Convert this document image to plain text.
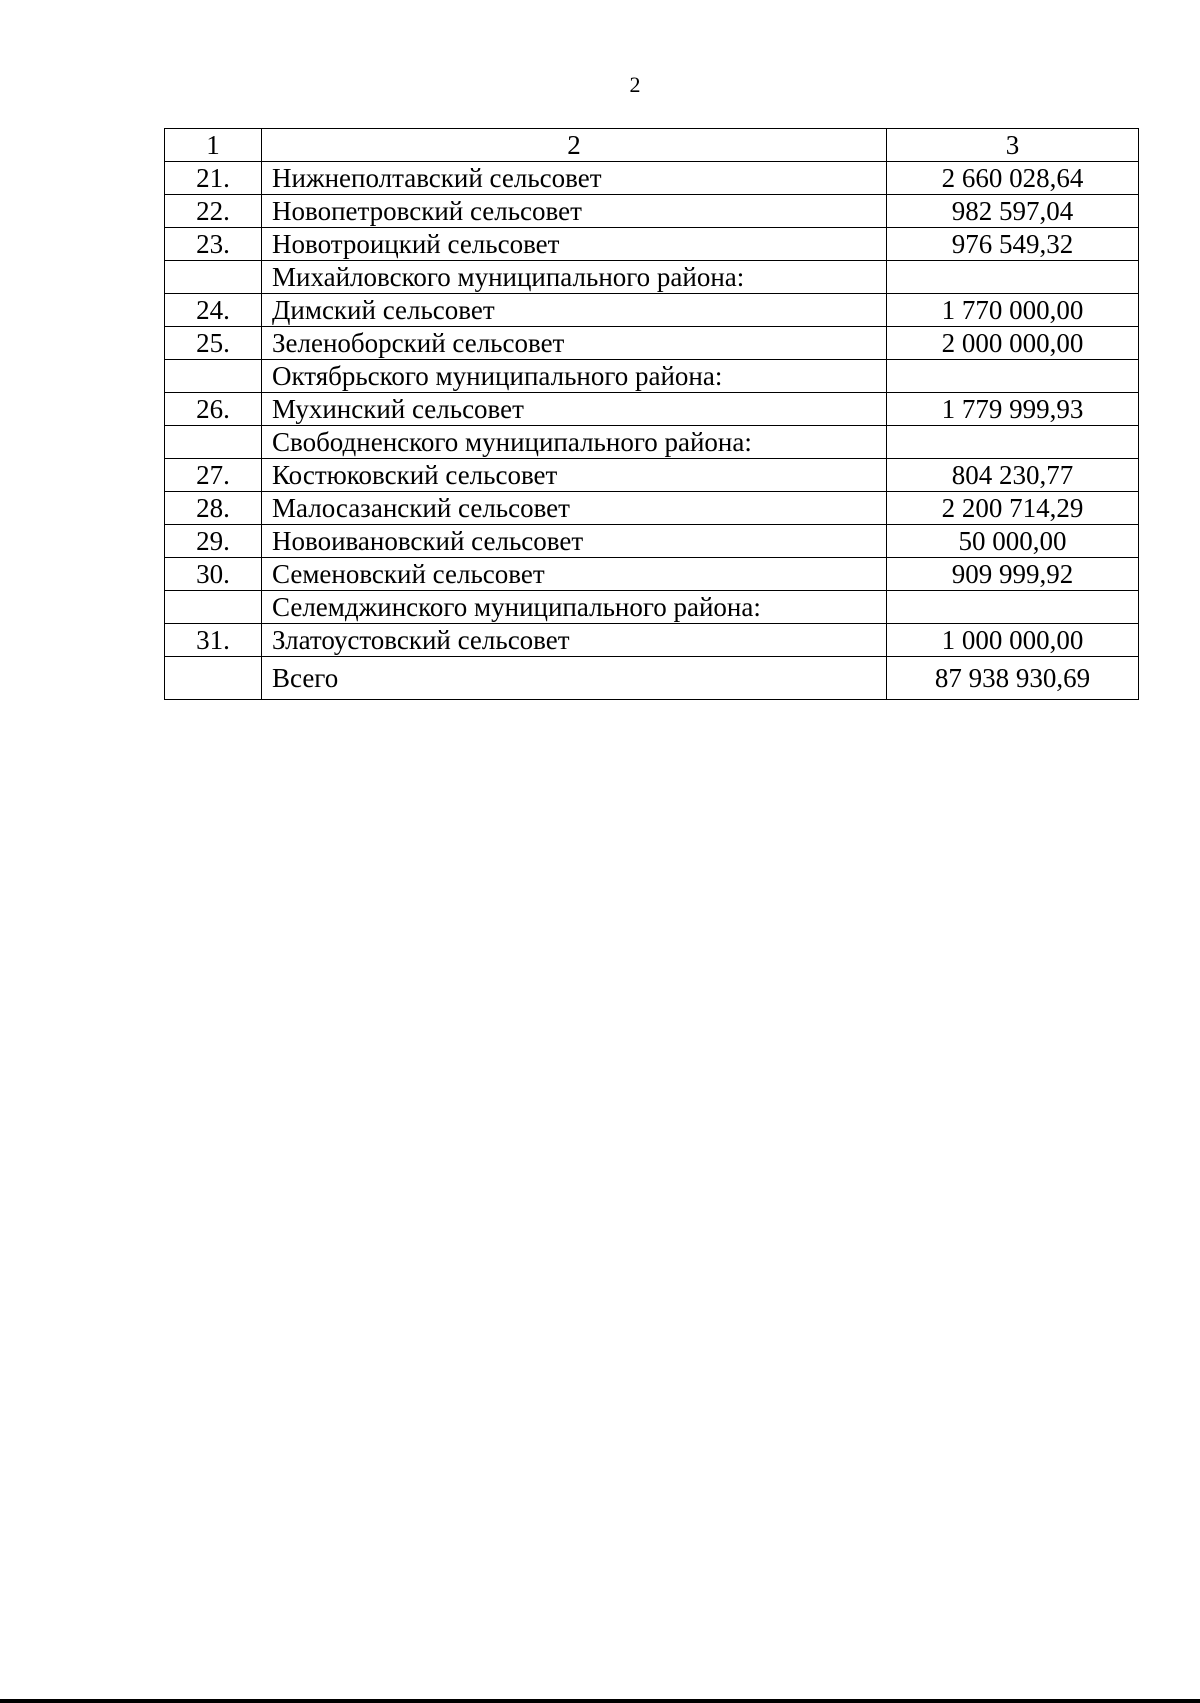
2
1	2	3
21.	Нижнеполтавский сельсовет	2 660 028,64
22.	Новопетровский сельсовет	982 597,04
23.	Новотроицкий сельсовет	976 549,32
	Михайловского муниципального района:	
24.	Димский сельсовет	1 770 000,00
25.	Зеленоборский сельсовет	2 000 000,00
	Октябрьского муниципального района:	
26.	Мухинский сельсовет	1 779 999,93
	Свободненского муниципального района:	
27.	Костюковский сельсовет	804 230,77
28.	Малосазанский сельсовет	2 200 714,29
29.	Новоивановский сельсовет	50 000,00
30.	Семеновский сельсовет	909 999,92
	Селемджинского муниципального района:	
31.	Златоустовский сельсовет	1 000 000,00
	Всего	87 938 930,69
